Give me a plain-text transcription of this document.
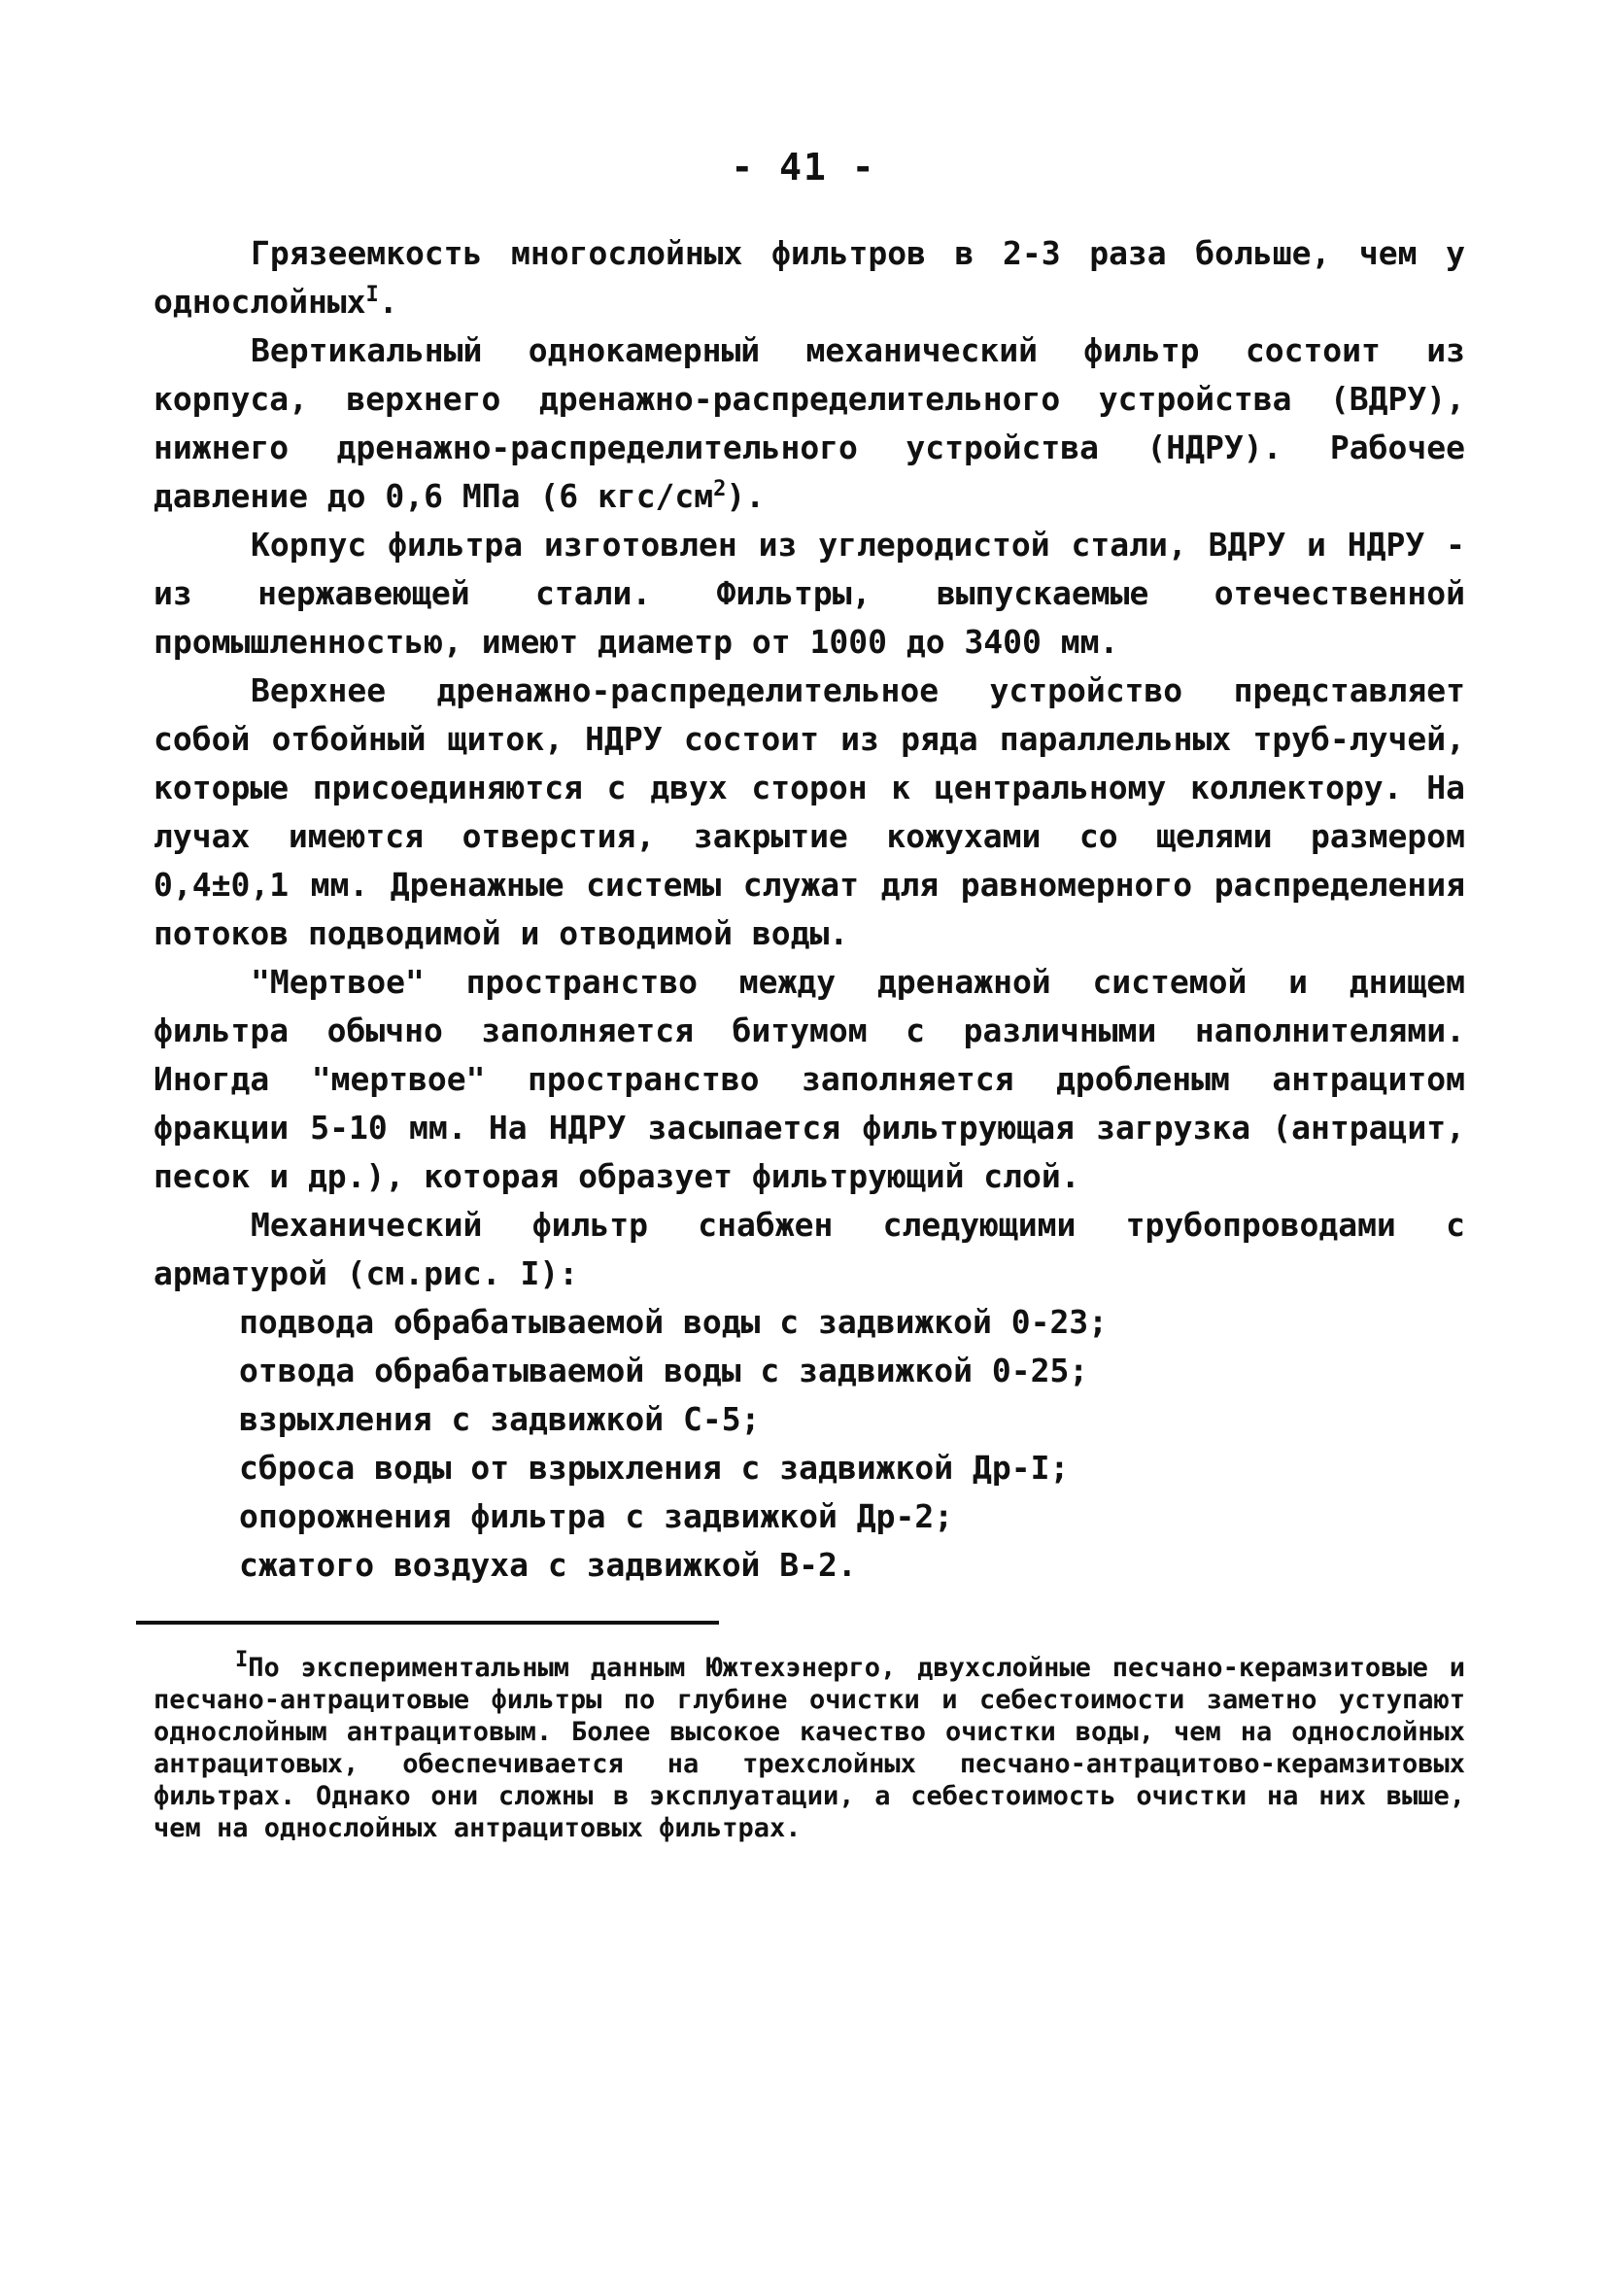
- 41 -

Грязеемкость многослойных фильтров в 2-3 раза больше, чем у однослойных$^I$.

Вертикальный однокамерный механический фильтр состоит из корпуса, верхнего дренажно-распределительного устройства (ВДРУ), нижнего дренажно-распределительного устройства (НДРУ). Рабочее давление до 0,6 МПа (6 кгс/$см^2$).

Корпус фильтра изготовлен из углеродистой стали, ВДРУ и НДРУ - из нержавеющей стали. Фильтры, выпускаемые отечественной промышленностью, имеют диаметр от 1000 до 3400 мм.

Верхнее дренажно-распределительное устройство представляет собой отбойный щиток, НДРУ состоит из ряда параллельных труб-лучей, которые присоединяются с двух сторон к центральному коллектору. На лучах имеются отверстия, закрытие кожухами со щелями размером 0,4±0,1 мм. Дренажные системы служат для равномерного распределения потоков подводимой и отводимой воды.

"Мертвое" пространство между дренажной системой и днищем фильтра обычно заполняется битумом с различными наполнителями. Иногда "мертвое" пространство заполняется дробленым антрацитом фракции 5-10 мм. На НДРУ засыпается фильтрующая загрузка (антрацит, песок и др.), которая образует фильтрующий слой.

Механический фильтр снабжен следующими трубопроводами с арматурой (см.рис. I):

подвода обрабатываемой воды с задвижкой 0-23;
отвода обрабатываемой воды с задвижкой 0-25;
взрыхления с задвижкой С-5;
сброса воды от взрыхления с задвижкой Др-I;
опорожнения фильтра с задвижкой Др-2;
сжатого воздуха с задвижкой В-2.

$^I$По экспериментальным данным Южтехэнерго, двухслойные песчано-керамзитовые и песчано-антрацитовые фильтры по глубине очистки и себестоимости заметно уступают однослойным антрацитовым. Более высокое качество очистки воды, чем на однослойных антрацитовых, обеспечивается на трехслойных песчано-антрацитово-керамзитовых фильтрах. Однако они сложны в эксплуатации, а себестоимость очистки на них выше, чем на однослойных антрацитовых фильтрах.
